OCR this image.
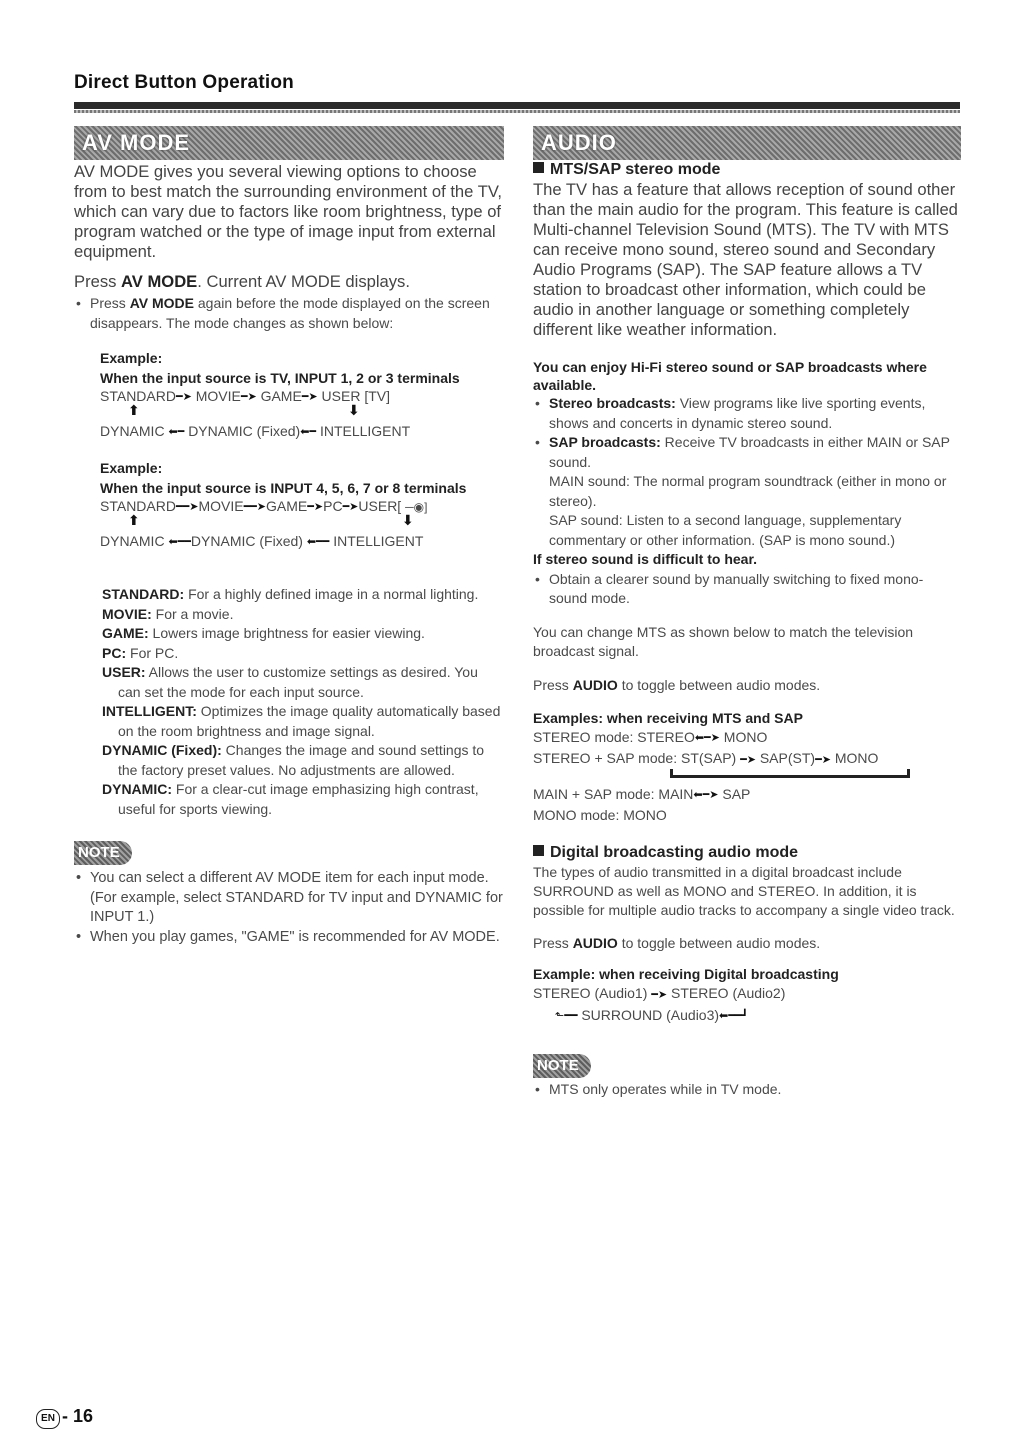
Direct Button Operation
AV MODE
AV MODE gives you several viewing options to choose from to best match the surrounding environment of the TV, which can vary due to factors like room brightness, type of program watched or the type of image input from external equipment.
Press AV MODE. Current AV MODE displays.
• Press AV MODE again before the mode displayed on the screen disappears. The mode changes as shown below:
Example:
When the input source is TV, INPUT 1, 2 or 3 terminals
STANDARD━➤ MOVIE━➤ GAME━➤ USER [TV]
⬆	⬇
DYNAMIC ⬅━ DYNAMIC (Fixed)⬅━ INTELLIGENT
Example:
When the input source is INPUT 4, 5, 6, 7 or 8 terminals
STANDARD━━➤MOVIE━━➤GAME━➤PC━➤USER[ ─◉]
⬆	⬇
DYNAMIC ⬅━━DYNAMIC (Fixed) ⬅━━ INTELLIGENT
STANDARD: For a highly defined image in a normal lighting.
MOVIE: For a movie.
GAME: Lowers image brightness for easier viewing.
PC: For PC.
USER: Allows the user to customize settings as desired. You can set the mode for each input source.
INTELLIGENT: Optimizes the image quality automatically based on the room brightness and image signal.
DYNAMIC (Fixed): Changes the image and sound settings to the factory preset values. No adjustments are allowed.
DYNAMIC: For a clear-cut image emphasizing high contrast, useful for sports viewing.
NOTE
• You can select a different AV MODE item for each input mode. (For example, select STANDARD for TV input and DYNAMIC for INPUT 1.)
• When you play games, "GAME" is recommended for AV MODE.
AUDIO
MTS/SAP stereo mode
The TV has a feature that allows reception of sound other than the main audio for the program. This feature is called Multi-channel Television Sound (MTS). The TV with MTS can receive mono sound, stereo sound and Secondary Audio Programs (SAP). The SAP feature allows a TV station to broadcast other information, which could be audio in another language or something completely different like weather information.
You can enjoy Hi-Fi stereo sound or SAP broadcasts where available.
• Stereo broadcasts: View programs like live sporting events, shows and concerts in dynamic stereo sound.
• SAP broadcasts: Receive TV broadcasts in either MAIN or SAP sound.
MAIN sound: The normal program soundtrack (either in mono or stereo).
SAP sound: Listen to a second language, supplementary commentary or other information. (SAP is mono sound.)
If stereo sound is difficult to hear.
• Obtain a clearer sound by manually switching to fixed mono-sound mode.
You can change MTS as shown below to match the television broadcast signal.
Press AUDIO to toggle between audio modes.
Examples: when receiving MTS and SAP
STEREO mode: STEREO⬅━➤ MONO
STEREO + SAP mode: ST(SAP) ━➤ SAP(ST)━➤ MONO
MAIN + SAP mode: MAIN⬅━➤ SAP
MONO mode: MONO
Digital broadcasting audio mode
The types of audio transmitted in a digital broadcast include SURROUND as well as MONO and STEREO. In addition, it is possible for multiple audio tracks to accompany a single video track.
Press AUDIO to toggle between audio modes.
Example: when receiving Digital broadcasting
STEREO (Audio1) ━➤ STEREO (Audio2)
⬑━━ SURROUND (Audio3)⬅━━┛
NOTE
• MTS only operates while in TV mode.
EN - 16
